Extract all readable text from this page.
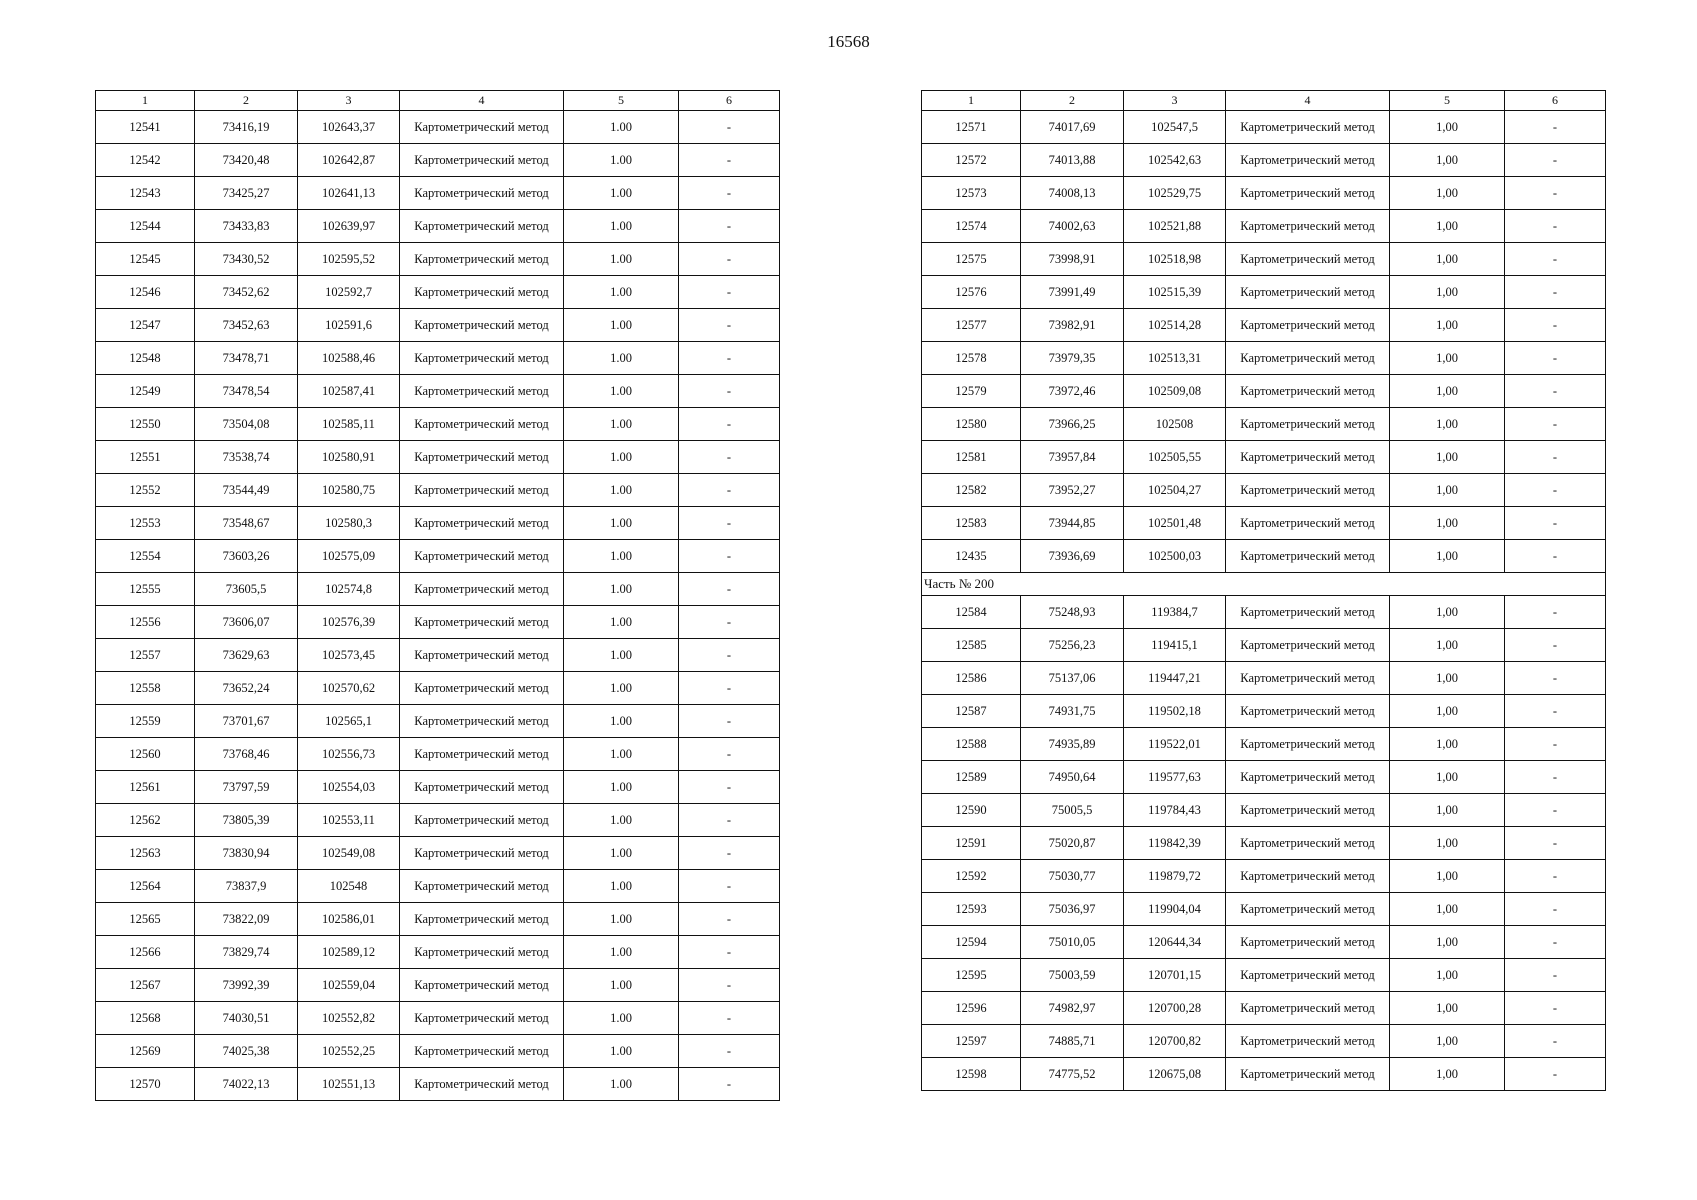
16568
1	2	3	4	5	6
12541	73416,19	102643,37	Картометрический метод	1.00	-
12542	73420,48	102642,87	Картометрический метод	1.00	-
12543	73425,27	102641,13	Картометрический метод	1.00	-
12544	73433,83	102639,97	Картометрический метод	1.00	-
12545	73430,52	102595,52	Картометрический метод	1.00	-
12546	73452,62	102592,7	Картометрический метод	1.00	-
12547	73452,63	102591,6	Картометрический метод	1.00	-
12548	73478,71	102588,46	Картометрический метод	1.00	-
12549	73478,54	102587,41	Картометрический метод	1.00	-
12550	73504,08	102585,11	Картометрический метод	1.00	-
12551	73538,74	102580,91	Картометрический метод	1.00	-
12552	73544,49	102580,75	Картометрический метод	1.00	-
12553	73548,67	102580,3	Картометрический метод	1.00	-
12554	73603,26	102575,09	Картометрический метод	1.00	-
12555	73605,5	102574,8	Картометрический метод	1.00	-
12556	73606,07	102576,39	Картометрический метод	1.00	-
12557	73629,63	102573,45	Картометрический метод	1.00	-
12558	73652,24	102570,62	Картометрический метод	1.00	-
12559	73701,67	102565,1	Картометрический метод	1.00	-
12560	73768,46	102556,73	Картометрический метод	1.00	-
12561	73797,59	102554,03	Картометрический метод	1.00	-
12562	73805,39	102553,11	Картометрический метод	1.00	-
12563	73830,94	102549,08	Картометрический метод	1.00	-
12564	73837,9	102548	Картометрический метод	1.00	-
12565	73822,09	102586,01	Картометрический метод	1.00	-
12566	73829,74	102589,12	Картометрический метод	1.00	-
12567	73992,39	102559,04	Картометрический метод	1.00	-
12568	74030,51	102552,82	Картометрический метод	1.00	-
12569	74025,38	102552,25	Картометрический метод	1.00	-
12570	74022,13	102551,13	Картометрический метод	1.00	-
1	2	3	4	5	6
12571	74017,69	102547,5	Картометрический метод	1,00	-
12572	74013,88	102542,63	Картометрический метод	1,00	-
12573	74008,13	102529,75	Картометрический метод	1,00	-
12574	74002,63	102521,88	Картометрический метод	1,00	-
12575	73998,91	102518,98	Картометрический метод	1,00	-
12576	73991,49	102515,39	Картометрический метод	1,00	-
12577	73982,91	102514,28	Картометрический метод	1,00	-
12578	73979,35	102513,31	Картометрический метод	1,00	-
12579	73972,46	102509,08	Картометрический метод	1,00	-
12580	73966,25	102508	Картометрический метод	1,00	-
12581	73957,84	102505,55	Картометрический метод	1,00	-
12582	73952,27	102504,27	Картометрический метод	1,00	-
12583	73944,85	102501,48	Картометрический метод	1,00	-
12435	73936,69	102500,03	Картометрический метод	1,00	-
Часть № 200					
12584	75248,93	119384,7	Картометрический метод	1,00	-
12585	75256,23	119415,1	Картометрический метод	1,00	-
12586	75137,06	119447,21	Картометрический метод	1,00	-
12587	74931,75	119502,18	Картометрический метод	1,00	-
12588	74935,89	119522,01	Картометрический метод	1,00	-
12589	74950,64	119577,63	Картометрический метод	1,00	-
12590	75005,5	119784,43	Картометрический метод	1,00	-
12591	75020,87	119842,39	Картометрический метод	1,00	-
12592	75030,77	119879,72	Картометрический метод	1,00	-
12593	75036,97	119904,04	Картометрический метод	1,00	-
12594	75010,05	120644,34	Картометрический метод	1,00	-
12595	75003,59	120701,15	Картометрический метод	1,00	-
12596	74982,97	120700,28	Картометрический метод	1,00	-
12597	74885,71	120700,82	Картометрический метод	1,00	-
12598	74775,52	120675,08	Картометрический метод	1,00	-
